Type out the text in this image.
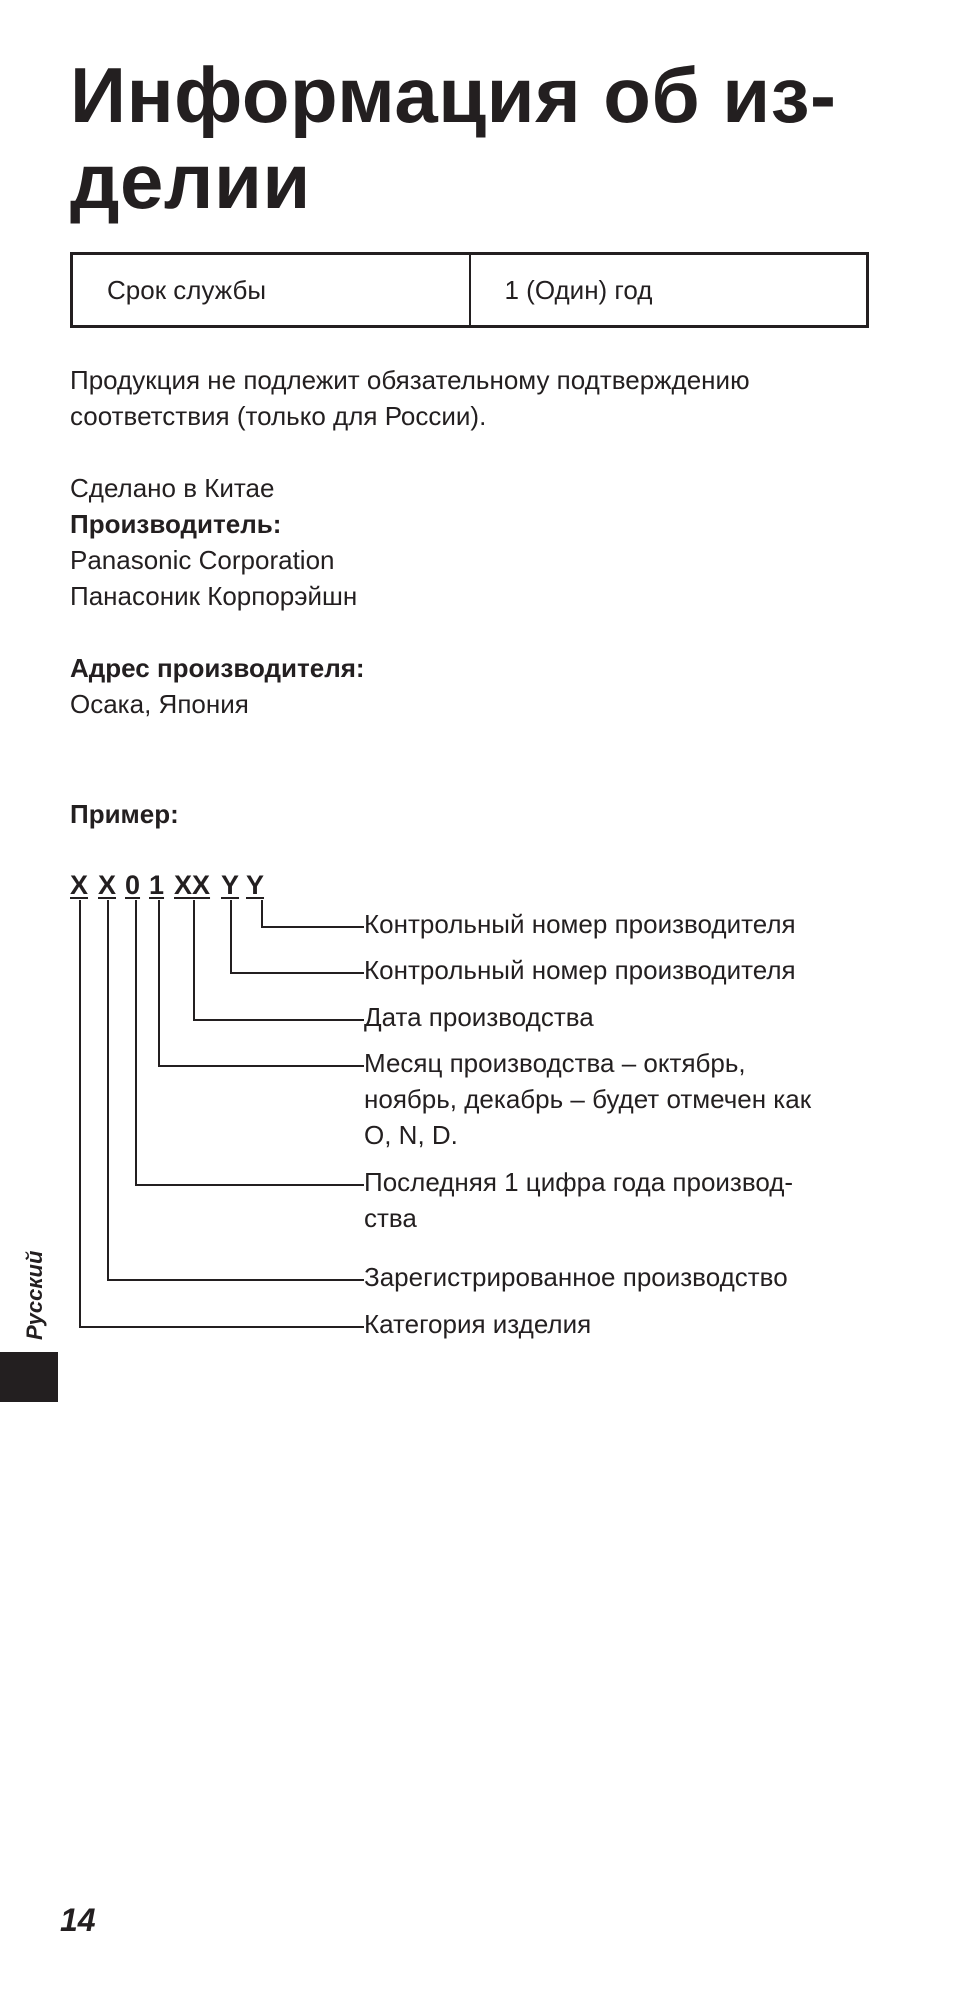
Информация об из-
делии
Срок службы	1 (Один) год
Продукция не подлежит обязательному подтверждению
соответствия (только для России).
Сделано в Китае
Производитель:
Panasonic Corporation
Панасоник Корпорэйшн
Адрес производителя:
Осака, Япония
Пример:
X X 0 1 XX Y Y
Контрольный номер производителя
Контрольный номер производителя
Дата производства
Месяц производства – октябрь,
ноябрь, декабрь – будет отмечен как
O, N, D.
Последняя 1 цифра года производ-
ства
Зарегистрированное производство
Категория изделия
Русский
14
